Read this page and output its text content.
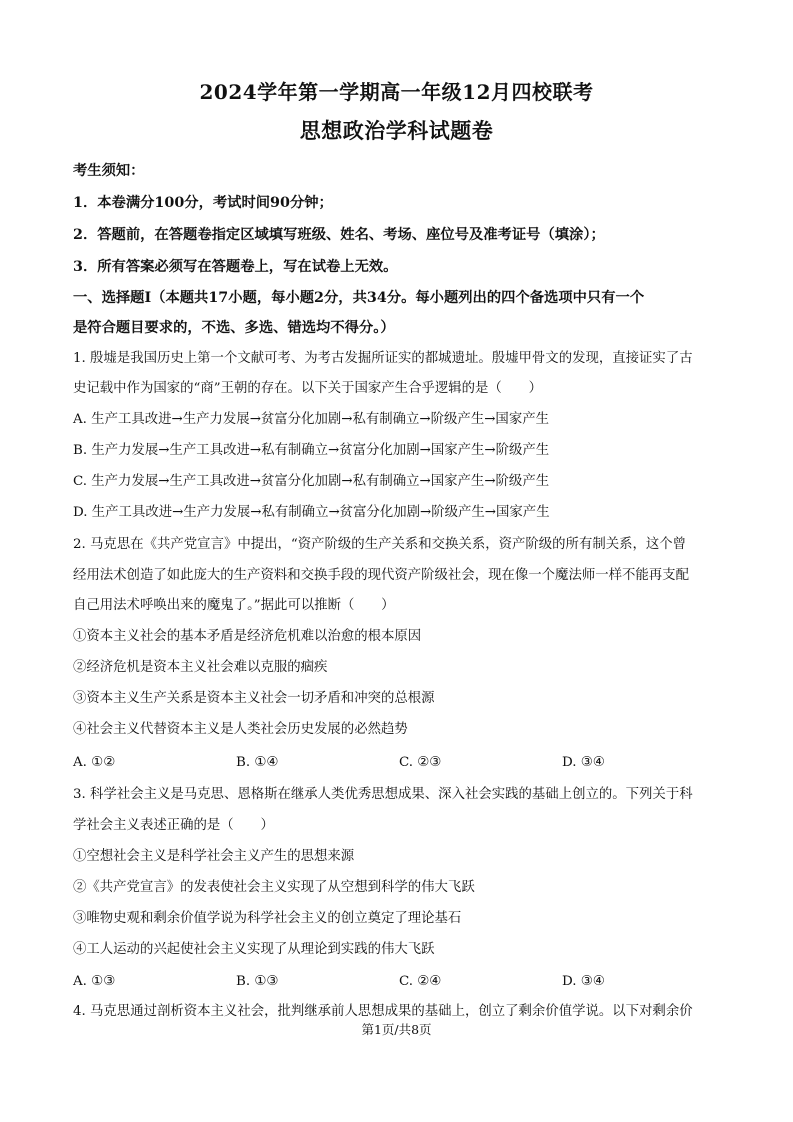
2024学年第一学期高一年级12月四校联考
思想政治学科试题卷

考生须知：

1．本卷满分100分，考试时间90分钟；

2．答题前，在答题卷指定区域填写班级、姓名、考场、座位号及准考证号（填涂）；

3．所有答案必须写在答题卷上，写在试卷上无效。

一、选择题Ⅰ（本题共17小题，每小题2分，共34分。每小题列出的四个备选项中只有一个

是符合题目要求的，不选、多选、错选均不得分。）

1. 殷墟是我国历史上第一个文献可考、为考古发掘所证实的都城遗址。殷墟甲骨文的发现，直接证实了古

史记载中作为国家的“商”王朝的存在。以下关于国家产生合乎逻辑的是（　　）

A. 生产工具改进→生产力发展→贫富分化加剧→私有制确立→阶级产生→国家产生

B. 生产力发展→生产工具改进→私有制确立→贫富分化加剧→国家产生→阶级产生

C. 生产力发展→生产工具改进→贫富分化加剧→私有制确立→国家产生→阶级产生

D. 生产工具改进→生产力发展→私有制确立→贫富分化加剧→阶级产生→国家产生

2. 马克思在《共产党宣言》中提出，“资产阶级的生产关系和交换关系，资产阶级的所有制关系，这个曾

经用法术创造了如此庞大的生产资料和交换手段的现代资产阶级社会，现在像一个魔法师一样不能再支配

自己用法术呼唤出来的魔鬼了。”据此可以推断（　　）

①资本主义社会的基本矛盾是经济危机难以治愈的根本原因

②经济危机是资本主义社会难以克服的痼疾

③资本主义生产关系是资本主义社会一切矛盾和冲突的总根源

④社会主义代替资本主义是人类社会历史发展的必然趋势

A. ①②	B. ①④	C. ②③	D. ③④

3. 科学社会主义是马克思、恩格斯在继承人类优秀思想成果、深入社会实践的基础上创立的。下列关于科

学社会主义表述正确的是（　　）

①空想社会主义是科学社会主义产生的思想来源

②《共产党宣言》的发表使社会主义实现了从空想到科学的伟大飞跃

③唯物史观和剩余价值学说为科学社会主义的创立奠定了理论基石

④工人运动的兴起使社会主义实现了从理论到实践的伟大飞跃

A. ①③	B. ①③	C. ②④	D. ③④

4. 马克思通过剖析资本主义社会，批判继承前人思想成果的基础上，创立了剩余价值学说。以下对剩余价

第1页/共8页
